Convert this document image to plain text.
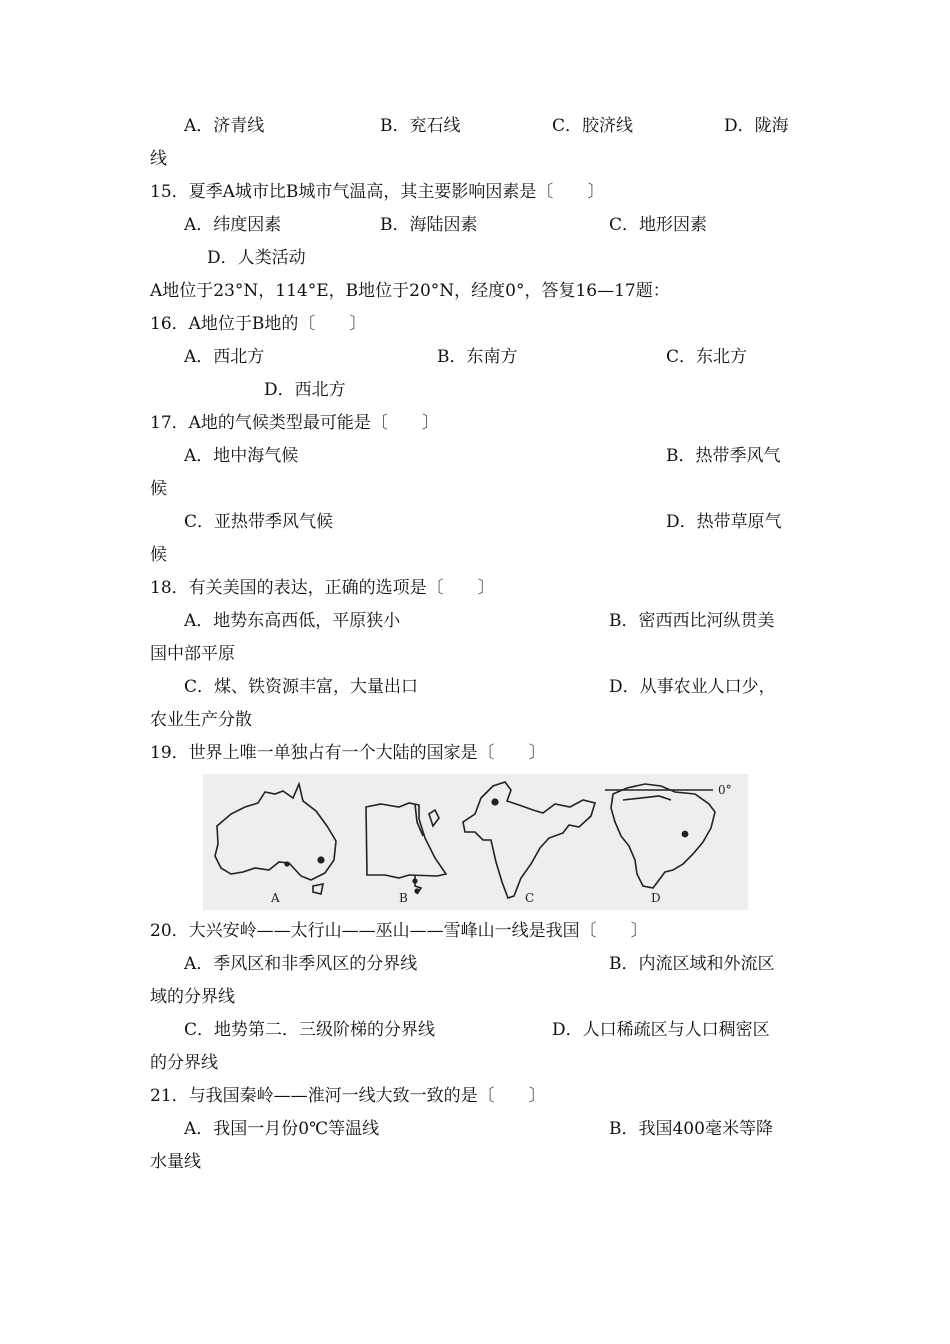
A．济青线	B．兖石线	C．胶济线	D．陇海
线
15．夏季A城市比B城市气温高，其主要影响因素是〔　　〕
A．纬度因素	B．海陆因素	C．地形因素
D．人类活动
A地位于23°N，114°E，B地位于20°N，经度0°，答复16—17题：
16．A地位于B地的〔　　〕
A．西北方	B．东南方	C．东北方
D．西北方
17．A地的气候类型最可能是〔　　〕
A．地中海气候	B．热带季风气
候
C．亚热带季风气候	D．热带草原气
候
18．有关美国的表达，正确的选项是〔　　〕
A．地势东高西低，平原狭小	B．密西西比河纵贯美
国中部平原
C．煤、铁资源丰富，大量出口	D．从事农业人口少，
农业生产分散
19．世界上唯一单独占有一个大陆的国家是〔　　〕
A	B	C	D
0°
20．大兴安岭——太行山——巫山——雪峰山一线是我国〔　　〕
A．季风区和非季风区的分界线	B．内流区域和外流区
域的分界线
C．地势第二．三级阶梯的分界线	D．人口稀疏区与人口稠密区
的分界线
21．与我国秦岭——淮河一线大致一致的是〔　　〕
A．我国一月份0℃等温线	B．我国400毫米等降
水量线
